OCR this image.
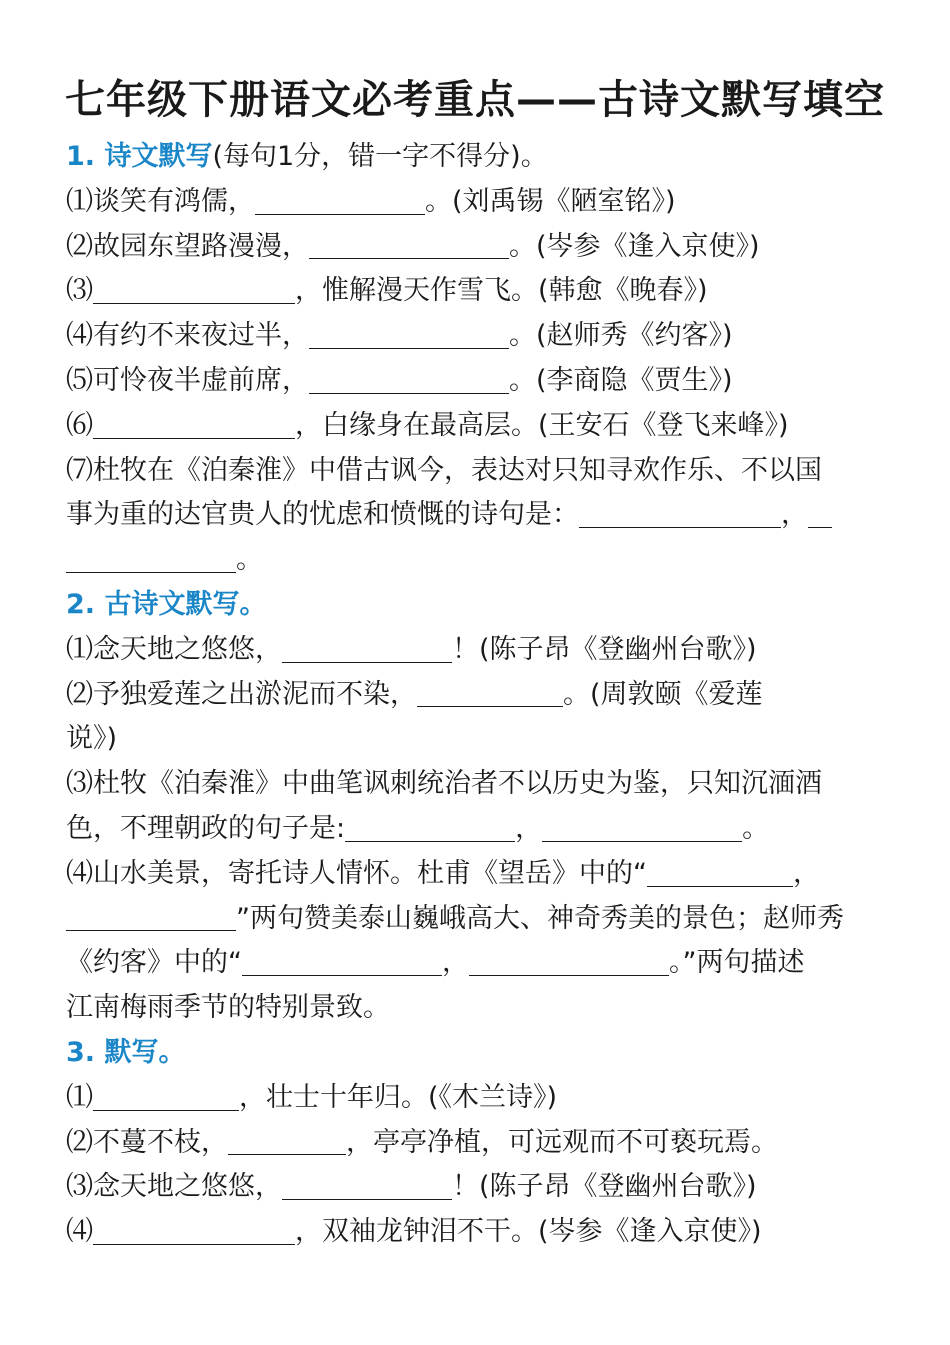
七年级下册语文必考重点——古诗文默写填空
1. 诗文默写(每句1分，错一字不得分)。
⑴谈笑有鸿儒，	。(刘禹锡《陋室铭》)
⑵故园东望路漫漫，	。(岑参《逢入京使》)
⑶	，惟解漫天作雪飞。(韩愈《晚春》)
⑷有约不来夜过半，	。(赵师秀《约客》)
⑸可怜夜半虚前席，	。(李商隐《贾生》)
⑹	，白缘身在最高层。(王安石《登飞来峰》)
⑺杜牧在《泊秦淮》中借古讽今，表达对只知寻欢作乐、不以国
事为重的达官贵人的忧虑和愤慨的诗句是：	，
。
2. 古诗文默写。
⑴念天地之悠悠，	！(陈子昂《登幽州台歌》)
⑵予独爱莲之出淤泥而不染，	。(周敦颐《爱莲
说》)
⑶杜牧《泊秦淮》中曲笔讽刺统治者不以历史为鉴，只知沉湎酒
色，不理朝政的句子是:	，	。
⑷山水美景，寄托诗人情怀。杜甫《望岳》中的“	，
”两句赞美泰山巍峨高大、神奇秀美的景色；赵师秀
《约客》中的“	，	。”两句描述
江南梅雨季节的特别景致。
3. 默写。
⑴	，壮士十年归。(《木兰诗》)
⑵不蔓不枝，	，亭亭净植，可远观而不可亵玩焉。
⑶念天地之悠悠，	！(陈子昂《登幽州台歌》)
⑷	，双袖龙钟泪不干。(岑参《逢入京使》)
